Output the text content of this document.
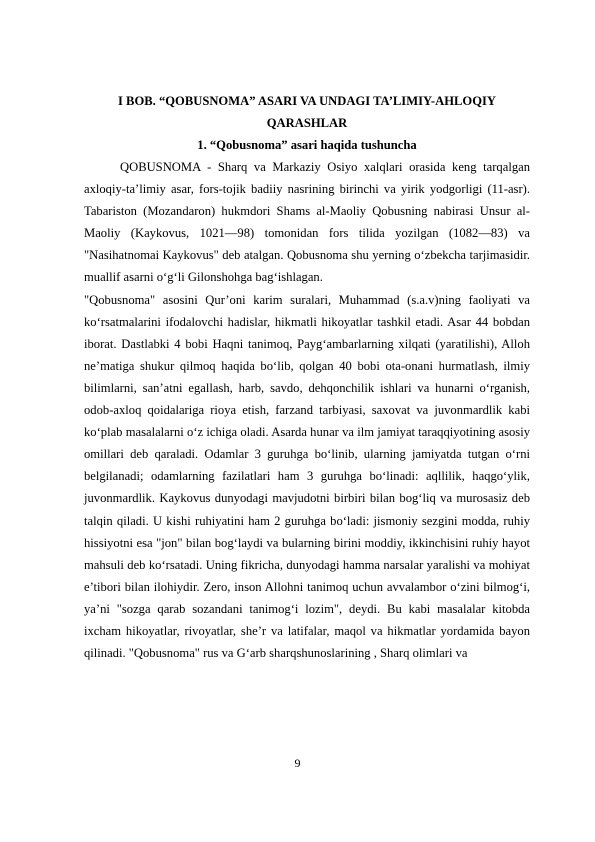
I BOB. “QOBUSNOMA” ASARI VA UNDAGI TA’LIMIY-AHLOQIY QARASHLAR
1. “Qobusnoma” asari haqida tushuncha

QOBUSNOMA - Sharq va Markaziy Osiyo xalqlari orasida keng tarqalgan axloqiy-ta’limiy asar, fors-tojik badiiy nasrining birinchi va yirik yodgorligi (11-asr). Tabariston (Mozandaron) hukmdori Shams al-Maoliy Qobusning nabirasi Unsur al-Maoliy (Kaykovus, 1021—98) tomonidan fors tilida yozilgan (1082—83) va "Nasihatnomai Kaykovus" deb atalgan. Qobusnoma shu yerning o‘zbekcha tarjimasidir. muallif asarni o‘g‘li Gilonshohga bag‘ishlagan.

"Qobusnoma" asosini Qur’oni karim suralari, Muhammad (s.a.v)ning faoliyati va ko‘rsatmalarini ifodalovchi hadislar, hikmatli hikoyatlar tashkil etadi. Asar 44 bobdan iborat. Dastlabki 4 bobi Haqni tanimoq, Payg‘ambarlarning xilqati (yaratilishi), Alloh ne’matiga shukur qilmoq haqida bo‘lib, qolgan 40 bobi ota-onani hurmatlash, ilmiy bilimlarni, san’atni egallash, harb, savdo, dehqonchilik ishlari va hunarni o‘rganish, odob-axloq qoidalariga rioya etish, farzand tarbiyasi, saxovat va juvonmardlik kabi ko‘plab masalalarni o‘z ichiga oladi. Asarda hunar va ilm jamiyat taraqqiyotining asosiy omillari deb qaraladi. Odamlar 3 guruhga bo‘linib, ularning jamiyatda tutgan o‘rni belgilanadi; odamlarning fazilatlari ham 3 guruhga bo‘linadi: aqllilik, haqgo‘ylik, juvonmardlik. Kaykovus dunyodagi mavjudotni birbiri bilan bog‘liq va murosasiz deb talqin qiladi. U kishi ruhiyatini ham 2 guruhga bo‘ladi: jismoniy sezgini modda, ruhiy hissiyotni esa "jon" bilan bog‘laydi va bularning birini moddiy, ikkinchisini ruhiy hayot mahsuli deb ko‘rsatadi. Uning fikricha, dunyodagi hamma narsalar yaralishi va mohiyat e’tibori bilan ilohiydir. Zero, inson Allohni tanimoq uchun avvalambor o‘zini bilmog‘i, ya’ni "sozga qarab sozandani tanimog‘i lozim", deydi. Bu kabi masalalar kitobda ixcham hikoyatlar, rivoyatlar, she’r va latifalar, maqol va hikmatlar yordamida bayon qilinadi. "Qobusnoma" rus va G‘arb sharqshunoslarining , Sharq olimlari va

9
